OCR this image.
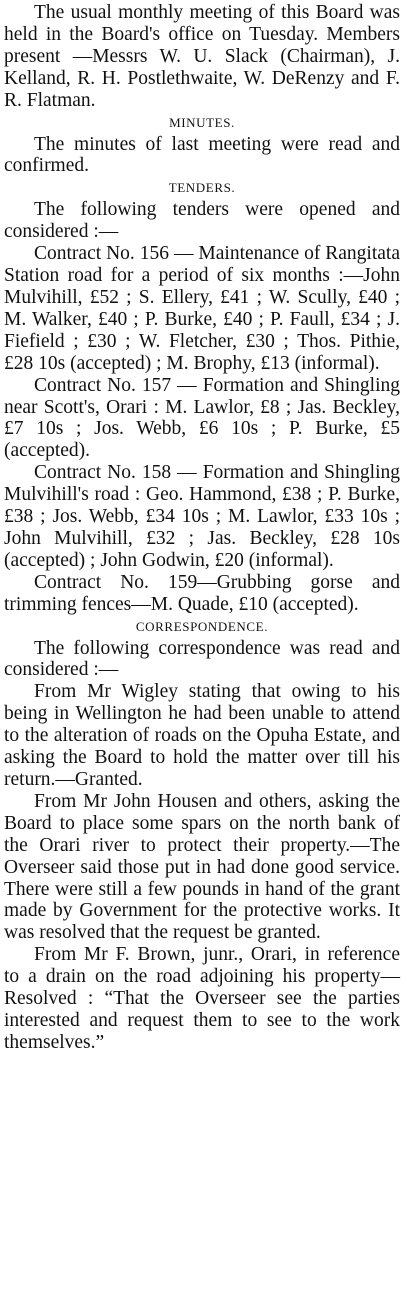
The usual monthly meeting of this Board was held in the Board's office on Tuesday. Members present —Messrs W. U. Slack (Chairman), J. Kelland, R. H. Postlethwaite, W. DeRenzy and F. R. Flatman.

MINUTES.

The minutes of last meeting were read and confirmed.

TENDERS.

The following tenders were opened and considered :—

Contract No. 156 — Maintenance of Rangitata Station road for a period of six months :—John Mulvihill, £52 ; S. Ellery, £41 ; W. Scully, £40 ; M. Walker, £40 ; P. Burke, £40 ; P. Faull, £34 ; J. Fiefield ; £30 ; W. Fletcher, £30 ; Thos. Pithie, £28 10s (accepted) ; M. Brophy, £13 (informal).

Contract No. 157 — Formation and Shingling near Scott's, Orari : M. Lawlor, £8 ; Jas. Beckley, £7 10s ; Jos. Webb, £6 10s ; P. Burke, £5 (accepted).

Contract No. 158 — Formation and Shingling Mulvihill's road : Geo. Hammond, £38 ; P. Burke, £38 ; Jos. Webb, £34 10s ; M. Lawlor, £33 10s ; John Mulvihill, £32 ; Jas. Beckley, £28 10s (accepted) ; John Godwin, £20 (informal).

Contract No. 159—Grubbing gorse and trimming fences—M. Quade, £10 (accepted).

CORRESPONDENCE.

The following correspondence was read and considered :—

From Mr Wigley stating that owing to his being in Wellington he had been unable to attend to the alteration of roads on the Opuha Estate, and asking the Board to hold the matter over till his return.—Granted.

From Mr John Housen and others, asking the Board to place some spars on the north bank of the Orari river to protect their property.—The Overseer said those put in had done good service. There were still a few pounds in hand of the grant made by Government for the protective works. It was resolved that the request be granted.

From Mr F. Brown, junr., Orari, in reference to a drain on the road adjoining his property—Resolved : “That the Overseer see the parties interested and request them to see to the work themselves.”
